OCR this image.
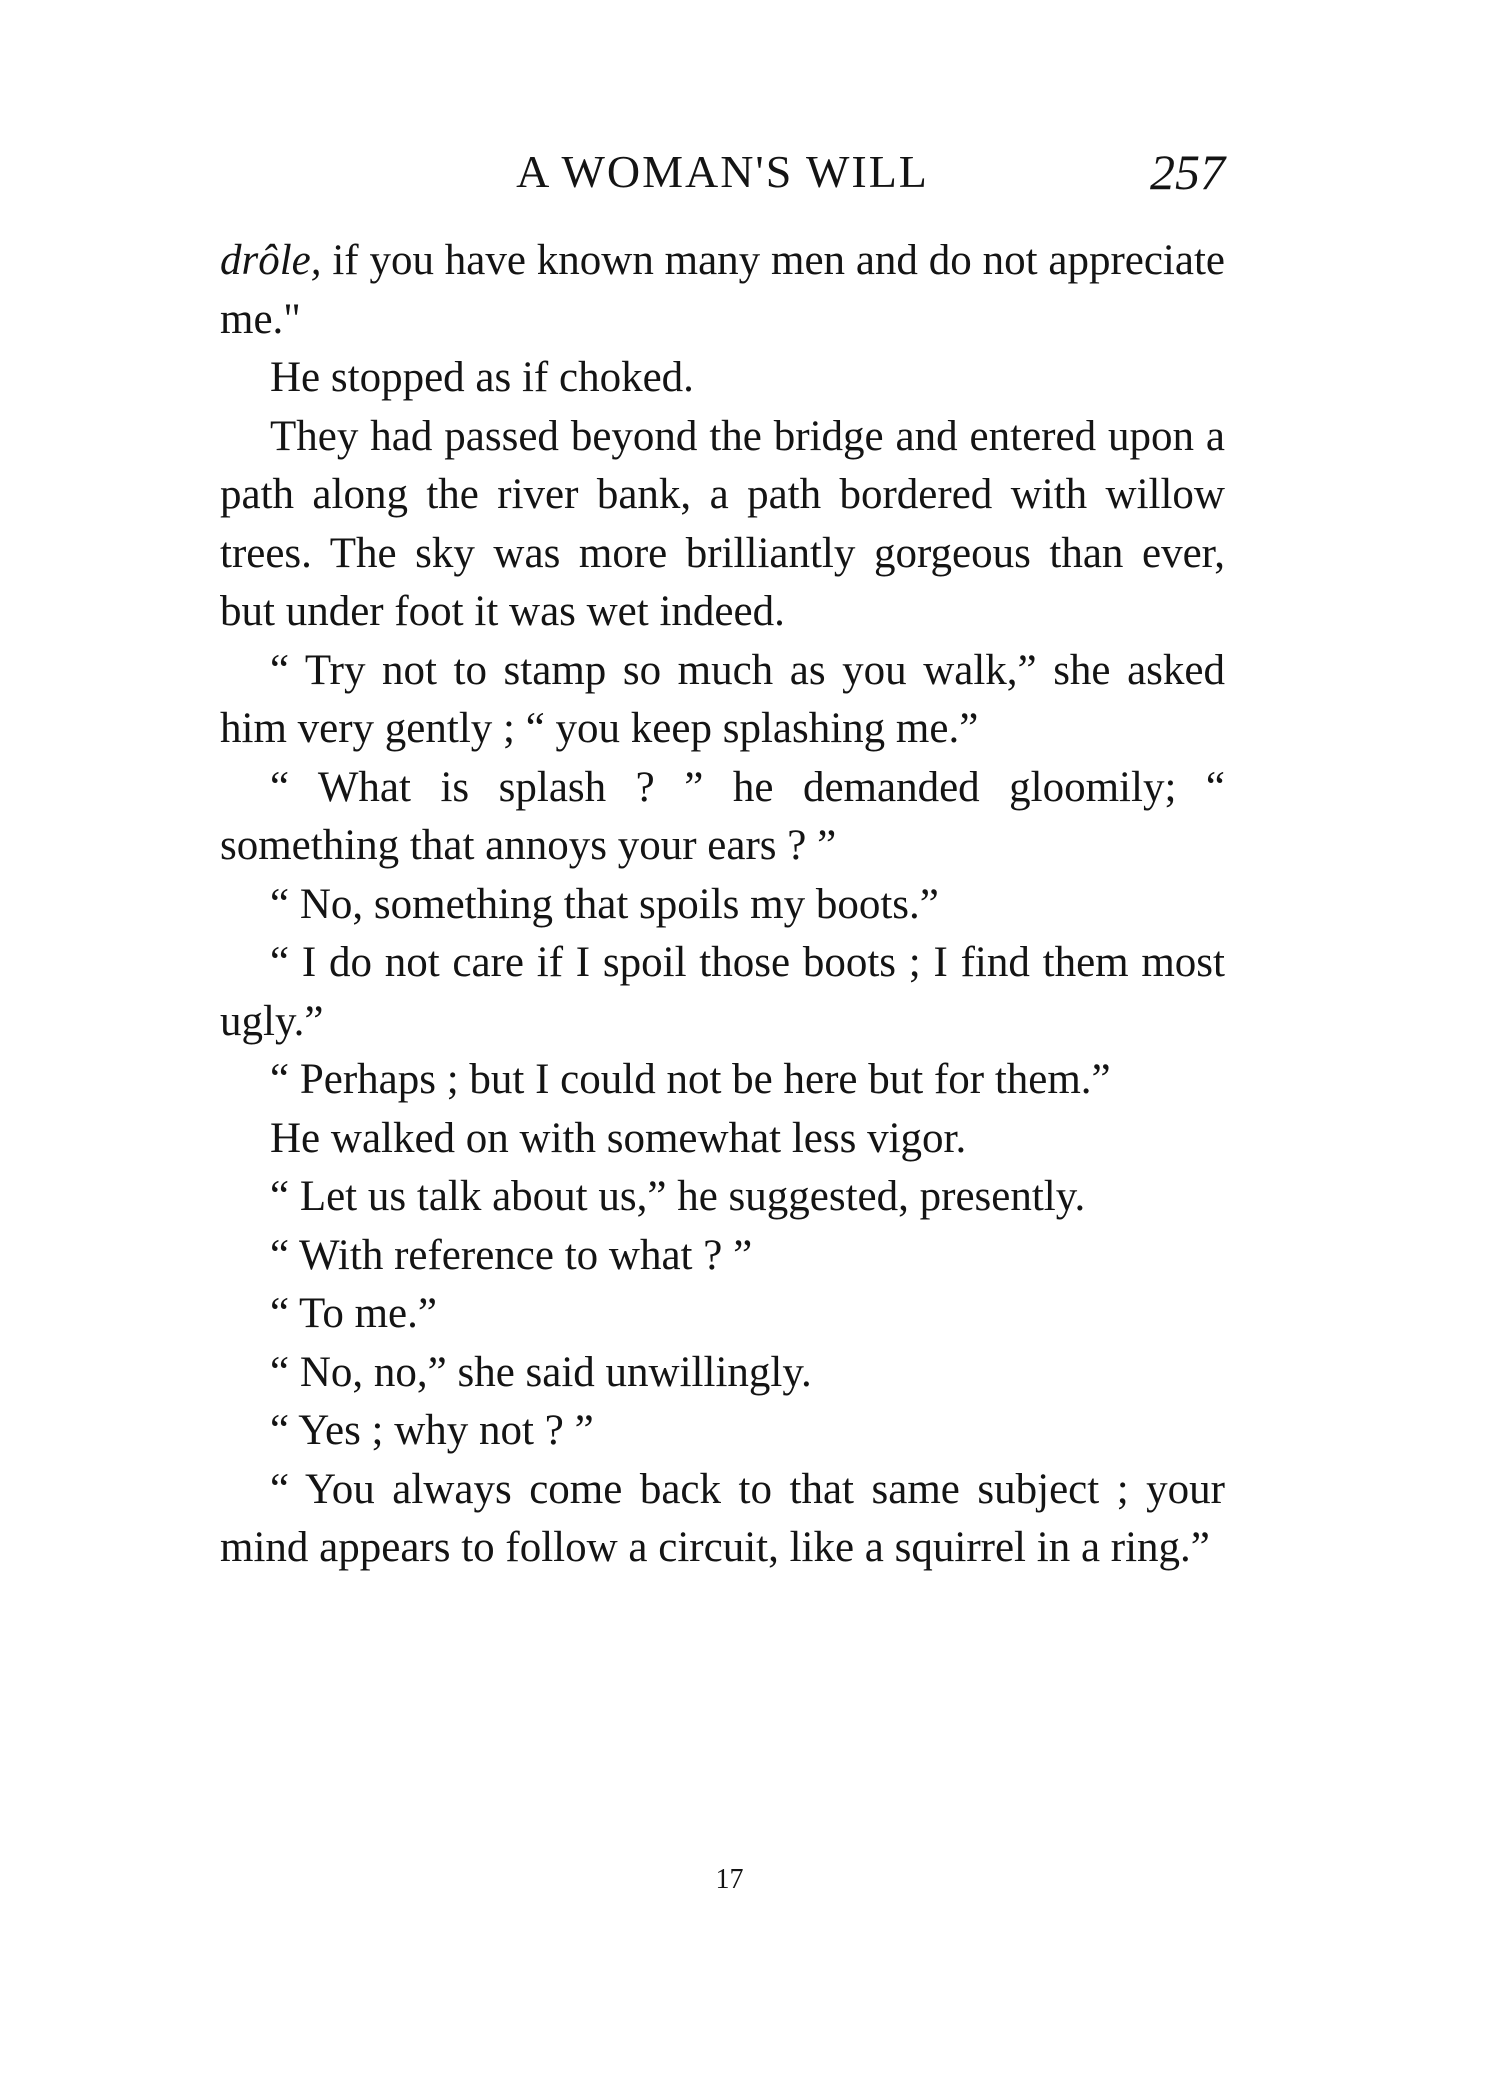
A WOMAN'S WILL	257

drôle, if you have known many men and do not appreciate me."

He stopped as if choked.

They had passed beyond the bridge and entered upon a path along the river bank, a path bordered with willow trees. The sky was more brilliantly gorgeous than ever, but under foot it was wet indeed.

“ Try not to stamp so much as you walk,” she asked him very gently ; “ you keep splashing me.”

“ What is splash ? ” he demanded gloomily; “ something that annoys your ears ? ”

“ No, something that spoils my boots.”

“ I do not care if I spoil those boots ; I find them most ugly.”

“ Perhaps ; but I could not be here but for them.”

He walked on with somewhat less vigor.

“ Let us talk about us,” he suggested, presently.

“ With reference to what ? ”

“ To me.”

“ No, no,” she said unwillingly.

“ Yes ; why not ? ”

“ You always come back to that same subject ; your mind appears to follow a circuit, like a squirrel in a ring.”

17
